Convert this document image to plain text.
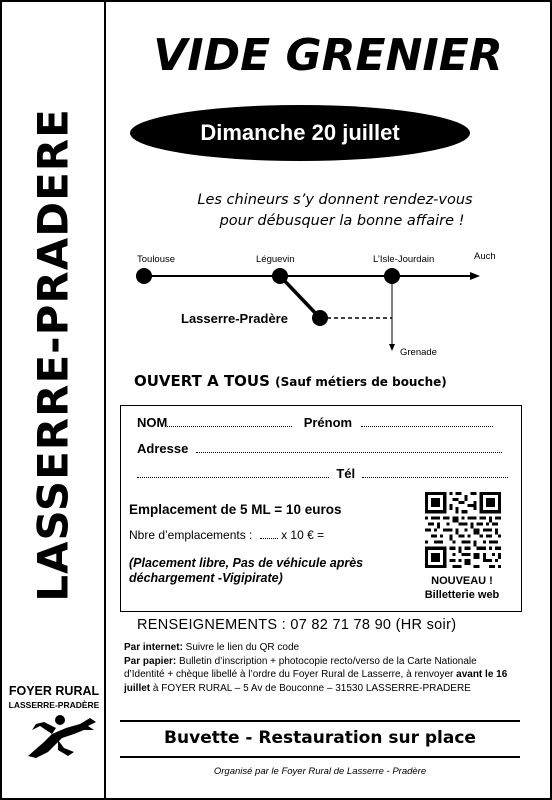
LASSERRE-PRADERE
FOYER RURAL
LASSERRE-PRADÈRE
VIDE GRENIER
Dimanche
20
juillet
Les chineurs s’y donnent rendez-vous
pour débusquer la bonne affaire !
Toulouse	Léguevin	L’Isle-Jourdain	Auch
Lasserre-Pradère
Grenade
OUVERT A TOUS (Sauf métiers de bouche)
NOM	Prénom
Adresse
Tél
Emplacement de 5 ML = 10 euros
Nbre d’emplacements : x 10 € =
(Placement libre, Pas de véhicule après
déchargement -Vigipirate)	NOUVEAU !
Billetterie web
RENSEIGNEMENTS : 07 82 71 78 90 (HR soir)
Par internet: Suivre le lien du QR code
Par papier: Bulletin d’inscription + photocopie recto/verso de la Carte Nationale d’Identité + chèque libellé à l’ordre du Foyer Rural de Lasserre, à renvoyer avant le 16 juillet à FOYER RURAL – 5 Av de Bouconne – 31530 LASSERRE-PRADERE
Buvette - Restauration sur place
Organisé par le Foyer Rural de Lasserre - Pradère
